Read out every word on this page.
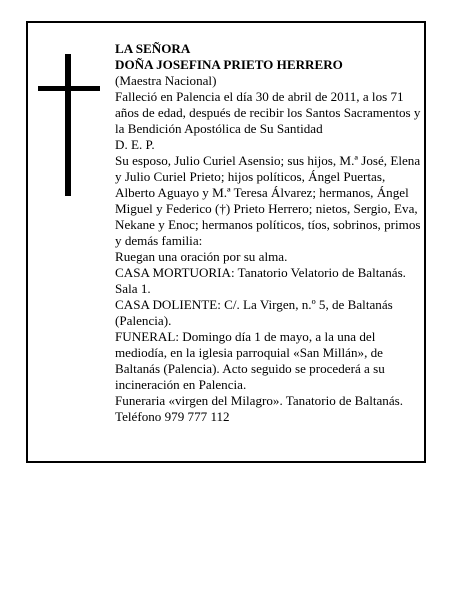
LA SEÑORA

DOÑA JOSEFINA PRIETO HERRERO

(Maestra Nacional)

Falleció en Palencia el día 30 de abril de 2011, a los 71 años de edad, después de recibir los Santos Sacramentos y la Bendición Apostólica de Su Santidad

D. E. P.

Su esposo, Julio Curiel Asensio; sus hijos, M.ª José, Elena y Julio Curiel Prieto; hijos políticos, Ángel Puertas, Alberto Aguayo y M.ª Teresa Álvarez; hermanos, Ángel Miguel y Federico (†) Prieto Herrero; nietos, Sergio, Eva, Nekane y Enoc; hermanos políticos, tíos, sobrinos, primos y demás familia:

Ruegan una oración por su alma.

CASA MORTUORIA: Tanatorio Velatorio de Baltanás. Sala 1.

CASA DOLIENTE: C/. La Virgen, n.º 5, de Baltanás (Palencia).

FUNERAL: Domingo día 1 de mayo, a la una del mediodía, en la iglesia parroquial «San Millán», de Baltanás (Palencia). Acto seguido se procederá a su incineración en Palencia.

Funeraria «virgen del Milagro». Tanatorio de Baltanás. Teléfono 979 777 112
